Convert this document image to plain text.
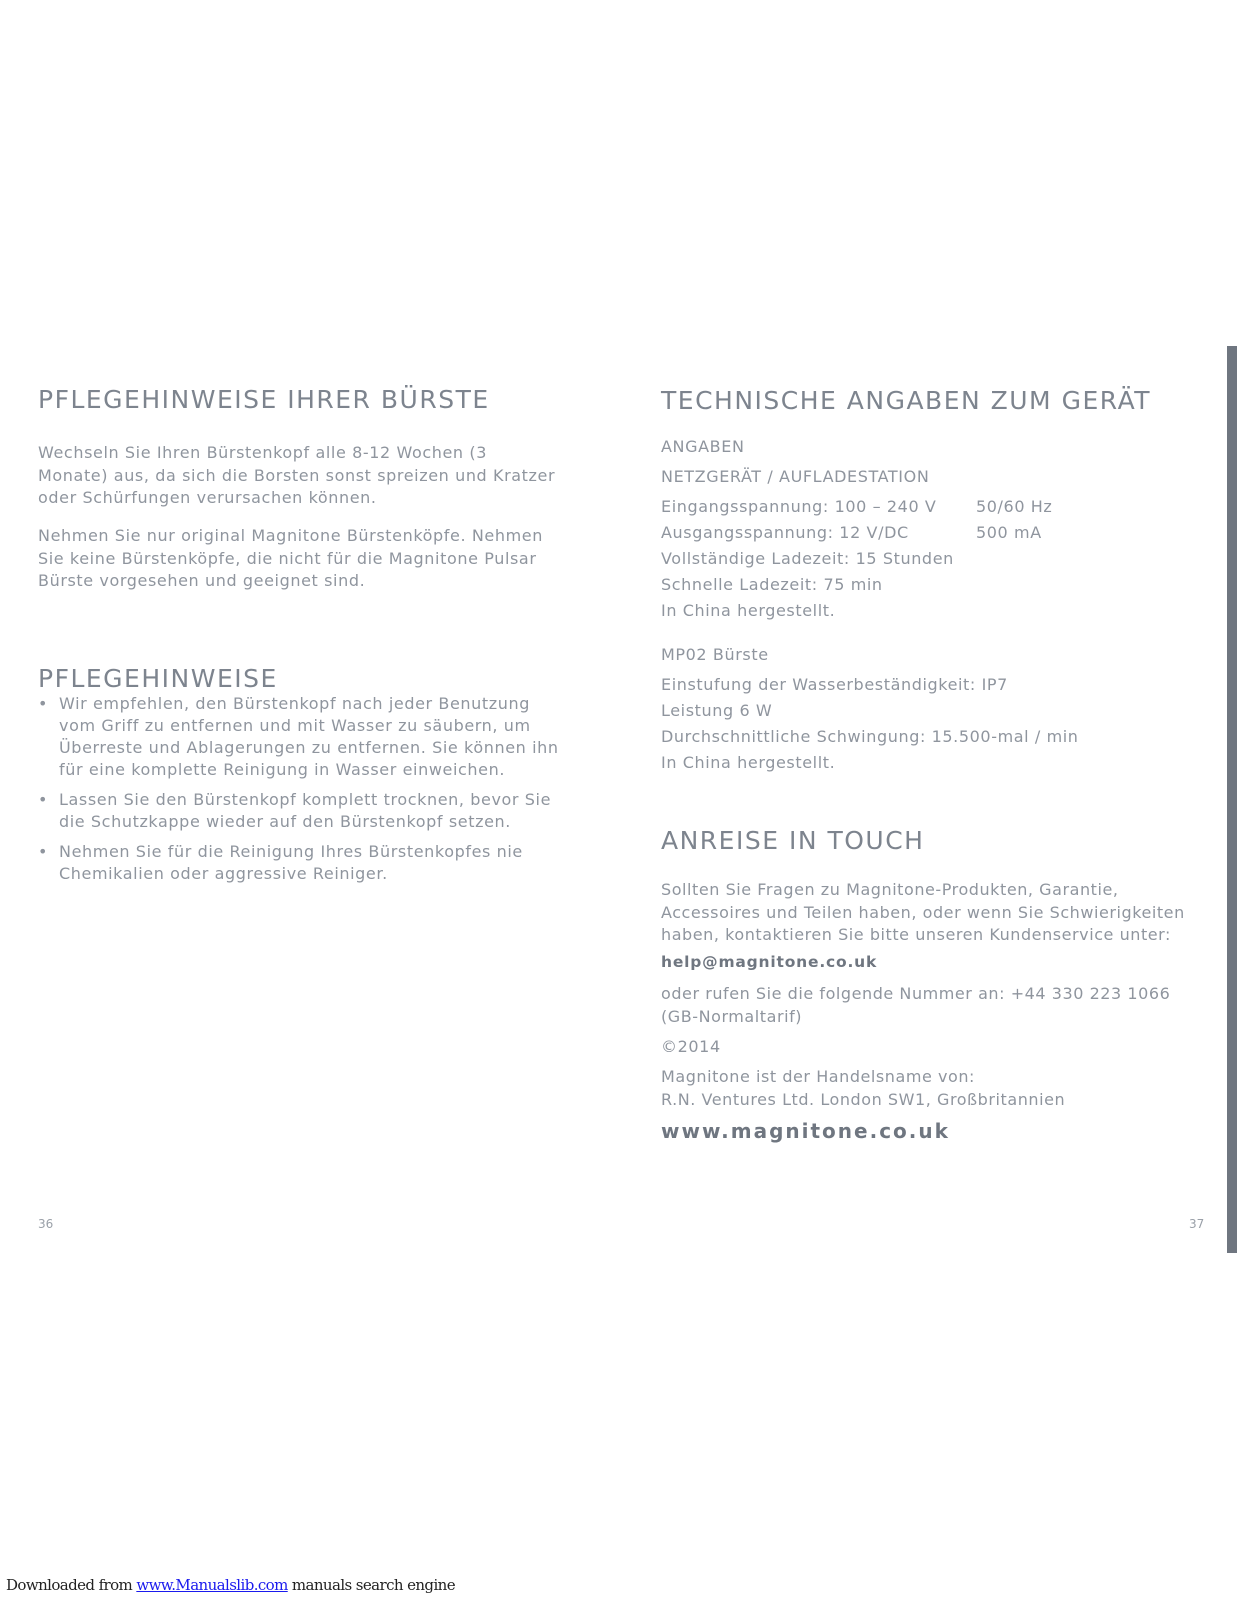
PFLEGEHINWEISE IHRER BÜRSTE

Wechseln Sie Ihren Bürstenkopf alle 8-12 Wochen (3
Monate) aus, da sich die Borsten sonst spreizen und Kratzer
oder Schürfungen verursachen können.

Nehmen Sie nur original Magnitone Bürstenköpfe. Nehmen
Sie keine Bürstenköpfe, die nicht für die Magnitone Pulsar
Bürste vorgesehen und geeignet sind.

PFLEGEHINWEISE
• Wir empfehlen, den Bürstenkopf nach jeder Benutzung
vom Griff zu entfernen und mit Wasser zu säubern, um
Überreste und Ablagerungen zu entfernen. Sie können ihn
für eine komplette Reinigung in Wasser einweichen.
• Lassen Sie den Bürstenkopf komplett trocknen, bevor Sie
die Schutzkappe wieder auf den Bürstenkopf setzen.
• Nehmen Sie für die Reinigung Ihres Bürstenkopfes nie
Chemikalien oder aggressive Reiniger.

36

TECHNISCHE ANGABEN ZUM GERÄT

ANGABEN

NETZGERÄT / AUFLADESTATION

Eingangsspannung: 100 – 240 V 50/60 Hz

Ausgangsspannung: 12 V/DC	500 mA

Vollständige Ladezeit: 15 Stunden

Schnelle Ladezeit: 75 min

In China hergestellt.

MP02 Bürste

Einstufung der Wasserbeständigkeit: IP7

Leistung 6 W

Durchschnittliche Schwingung: 15.500-mal / min

In China hergestellt.

ANREISE IN TOUCH

Sollten Sie Fragen zu Magnitone-Produkten, Garantie,
Accessoires und Teilen haben, oder wenn Sie Schwierigkeiten
haben, kontaktieren Sie bitte unseren Kundenservice unter:

help@magnitone.co.uk

oder rufen Sie die folgende Nummer an: +44 330 223 1066
(GB-Normaltarif)

©2014

Magnitone ist der Handelsname von:
R.N. Ventures Ltd. London SW1, Großbritannien

www.magnitone.co.uk

37

Downloaded from www.Manualslib.com manuals search engine
